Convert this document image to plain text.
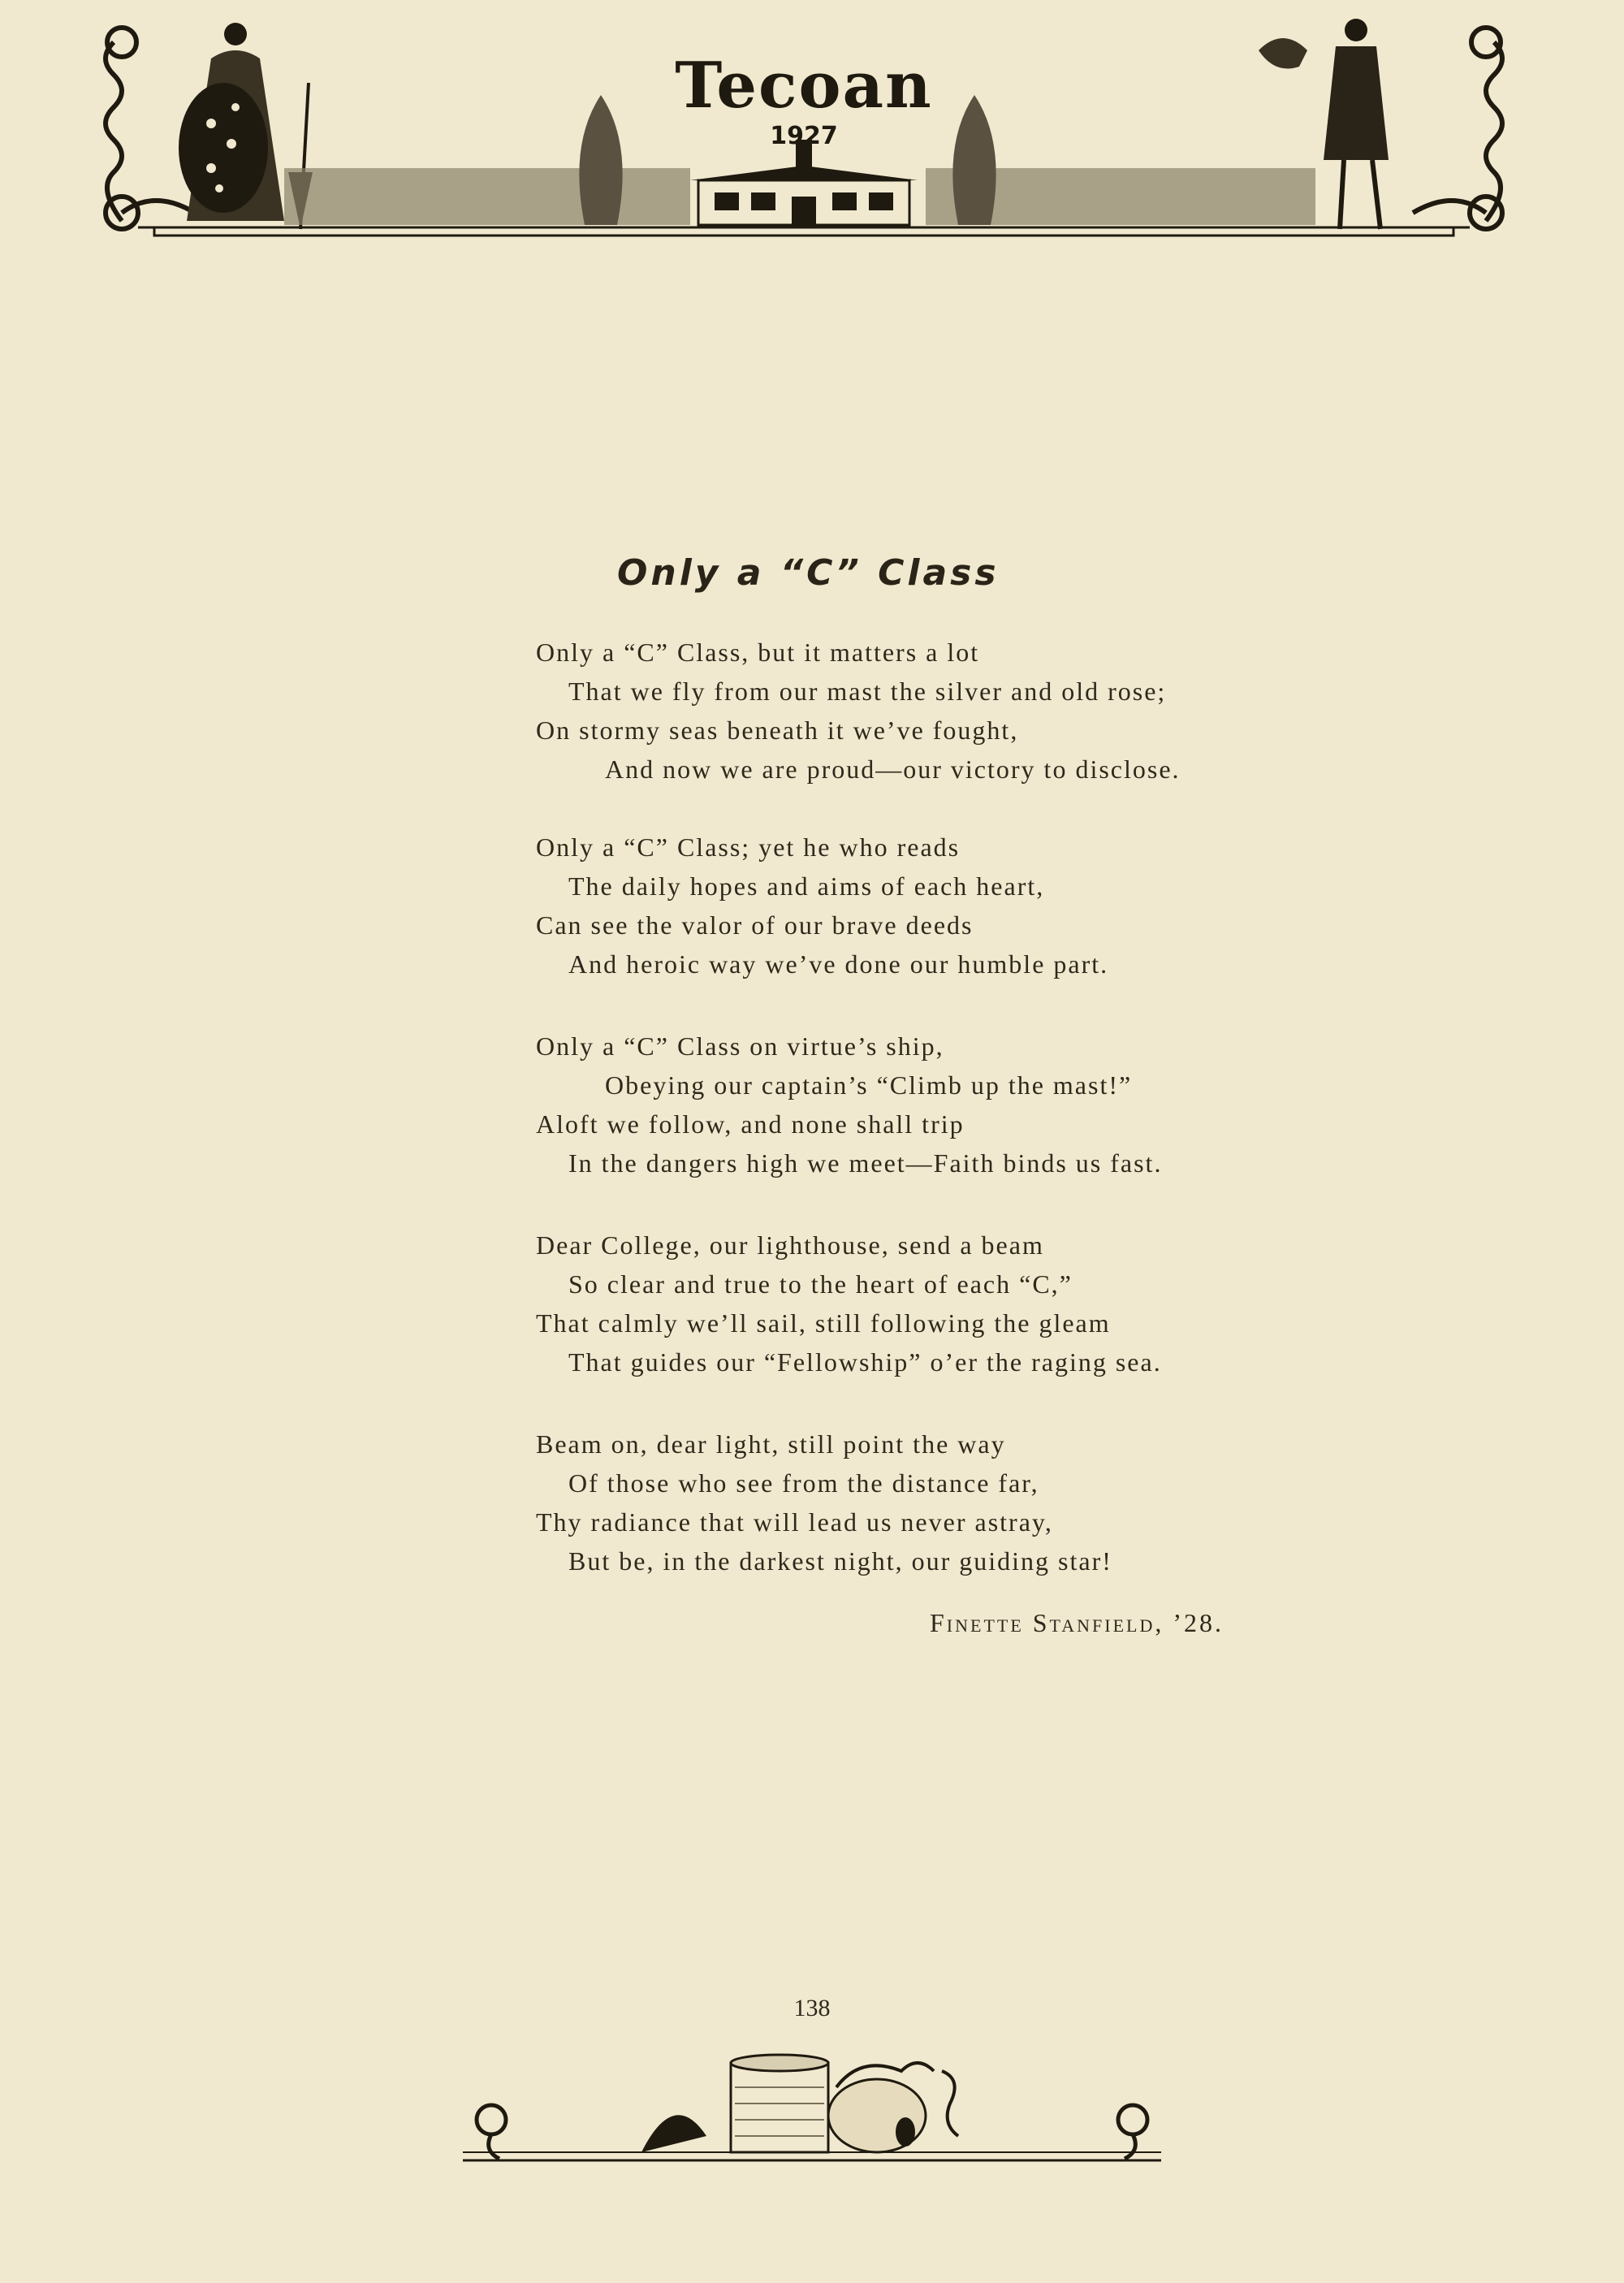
Tecoan
1927
Only a “C” Class
Only a “C” Class, but it matters a lot
That we fly from our mast the silver and old rose;
On stormy seas beneath it we’ve fought,
And now we are proud—our victory to disclose.
Only a “C” Class; yet he who reads
The daily hopes and aims of each heart,
Can see the valor of our brave deeds
And heroic way we’ve done our humble part.
Only a “C” Class on virtue’s ship,
Obeying our captain’s “Climb up the mast!”
Aloft we follow, and none shall trip
In the dangers high we meet—Faith binds us fast.
Dear College, our lighthouse, send a beam
So clear and true to the heart of each “C,”
That calmly we’ll sail, still following the gleam
That guides our “Fellowship” o’er the raging sea.
Beam on, dear light, still point the way
Of those who see from the distance far,
Thy radiance that will lead us never astray,
But be, in the darkest night, our guiding star!
Finette Stanfield, ’28.
138
